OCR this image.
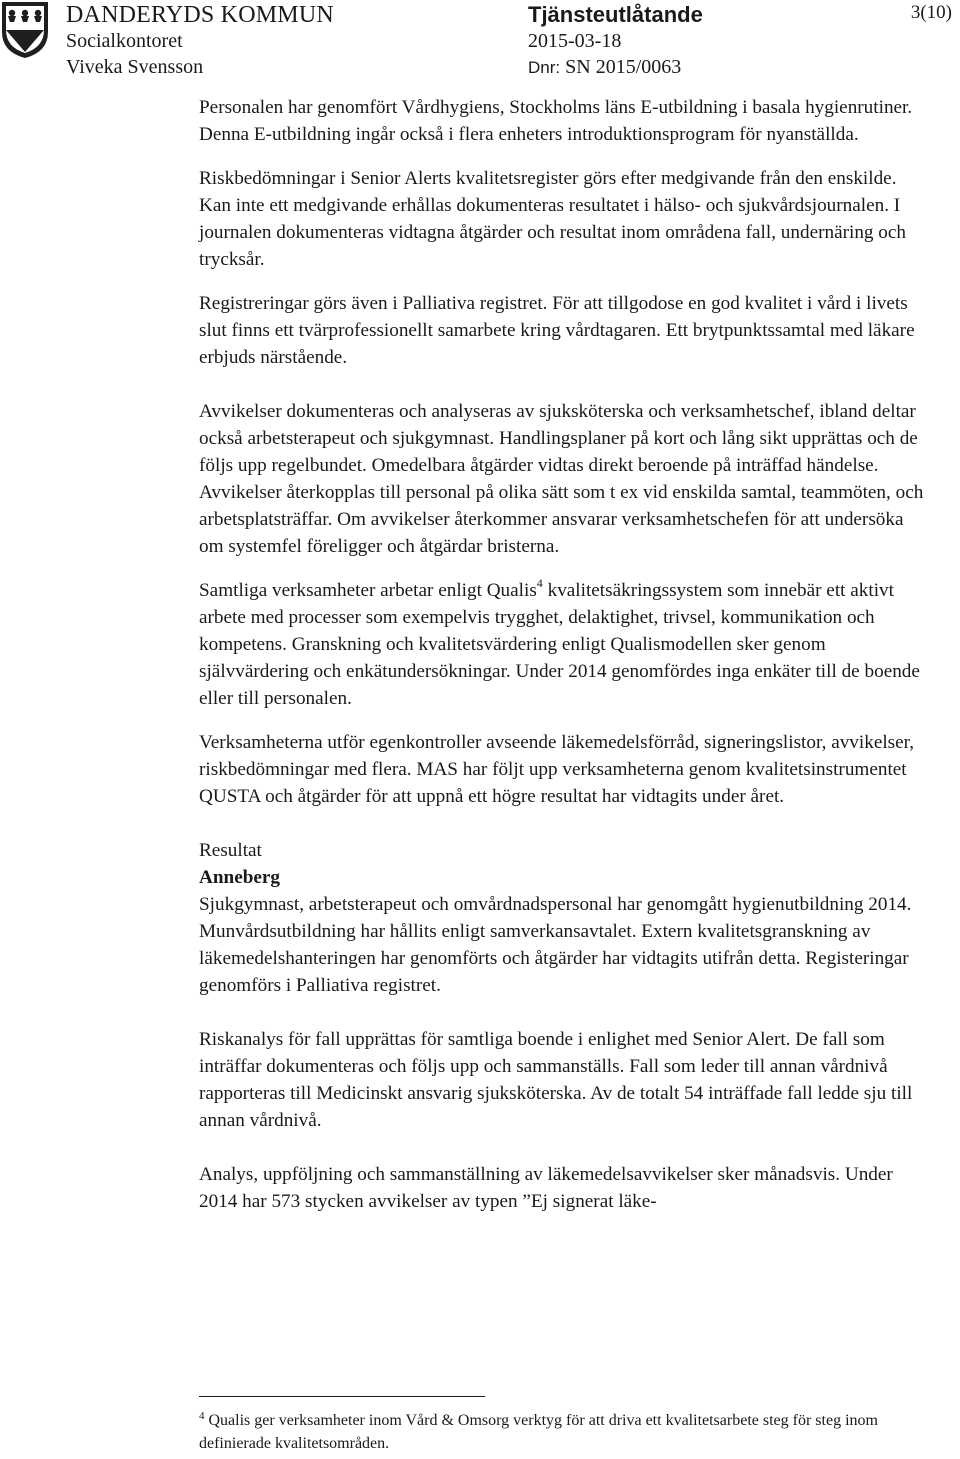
DANDERYDS KOMMUN
Socialkontoret
Viveka Svensson
Tjänsteutlåtande
2015-03-18
Dnr: SN 2015/0063
3(10)

Personalen har genomfört Vårdhygiens, Stockholms läns E-utbildning i basala hygienrutiner. Denna E-utbildning ingår också i flera enheters introduktionsprogram för nyanställda.

Riskbedömningar i Senior Alerts kvalitetsregister görs efter medgivande från den enskilde. Kan inte ett medgivande erhållas dokumenteras resultatet i hälso- och sjukvårdsjournalen. I journalen dokumenteras vidtagna åtgärder och resultat inom områdena fall, undernäring och trycksår.

Registreringar görs även i Palliativa registret. För att tillgodose en god kvalitet i vård i livets slut finns ett tvärprofessionellt samarbete kring vårdtagaren. Ett brytpunktssamtal med läkare erbjuds närstående.

Avvikelser dokumenteras och analyseras av sjuksköterska och verksamhetschef, ibland deltar också arbetsterapeut och sjukgymnast. Handlingsplaner på kort och lång sikt upprättas och de följs upp regelbundet. Omedelbara åtgärder vidtas direkt beroende på inträffad händelse. Avvikelser återkopplas till personal på olika sätt som t ex vid enskilda samtal, teammöten, och arbetsplatsträffar. Om avvikelser återkommer ansvarar verksamhetschefen för att undersöka om systemfel föreligger och åtgärdar bristerna.

Samtliga verksamheter arbetar enligt Qualis$^4$ kvalitetsäkringssystem som innebär ett aktivt arbete med processer som exempelvis trygghet, delaktighet, trivsel, kommunikation och kompetens. Granskning och kvalitetsvärdering enligt Qualismodellen sker genom självvärdering och enkätundersökningar. Under 2014 genomfördes inga enkäter till de boende eller till personalen.

Verksamheterna utför egenkontroller avseende läkemedelsförråd, signeringslistor, avvikelser, riskbedömningar med flera. MAS har följt upp verksamheterna genom kvalitetsinstrumentet QUSTA och åtgärder för att uppnå ett högre resultat har vidtagits under året.

Resultat
Anneberg

Sjukgymnast, arbetsterapeut och omvårdnadspersonal har genomgått hygienutbildning 2014. Munvårdsutbildning har hållits enligt samverkansavtalet. Extern kvalitetsgranskning av läkemedelshanteringen har genomförts och åtgärder har vidtagits utifrån detta. Registeringar genomförs i Palliativa registret.

Riskanalys för fall upprättas för samtliga boende i enlighet med Senior Alert. De fall som inträffar dokumenteras och följs upp och sammanställs. Fall som leder till annan vårdnivå rapporteras till Medicinskt ansvarig sjuksköterska. Av de totalt 54 inträffade fall ledde sju till annan vårdnivå.

Analys, uppföljning och sammanställning av läkemedelsavvikelser sker månadsvis. Under 2014 har 573 stycken avvikelser av typen ”Ej signerat läke-

$^4$ Qualis ger verksamheter inom Vård & Omsorg verktyg för att driva ett kvalitetsarbete steg för steg inom definierade kvalitetsområden.
